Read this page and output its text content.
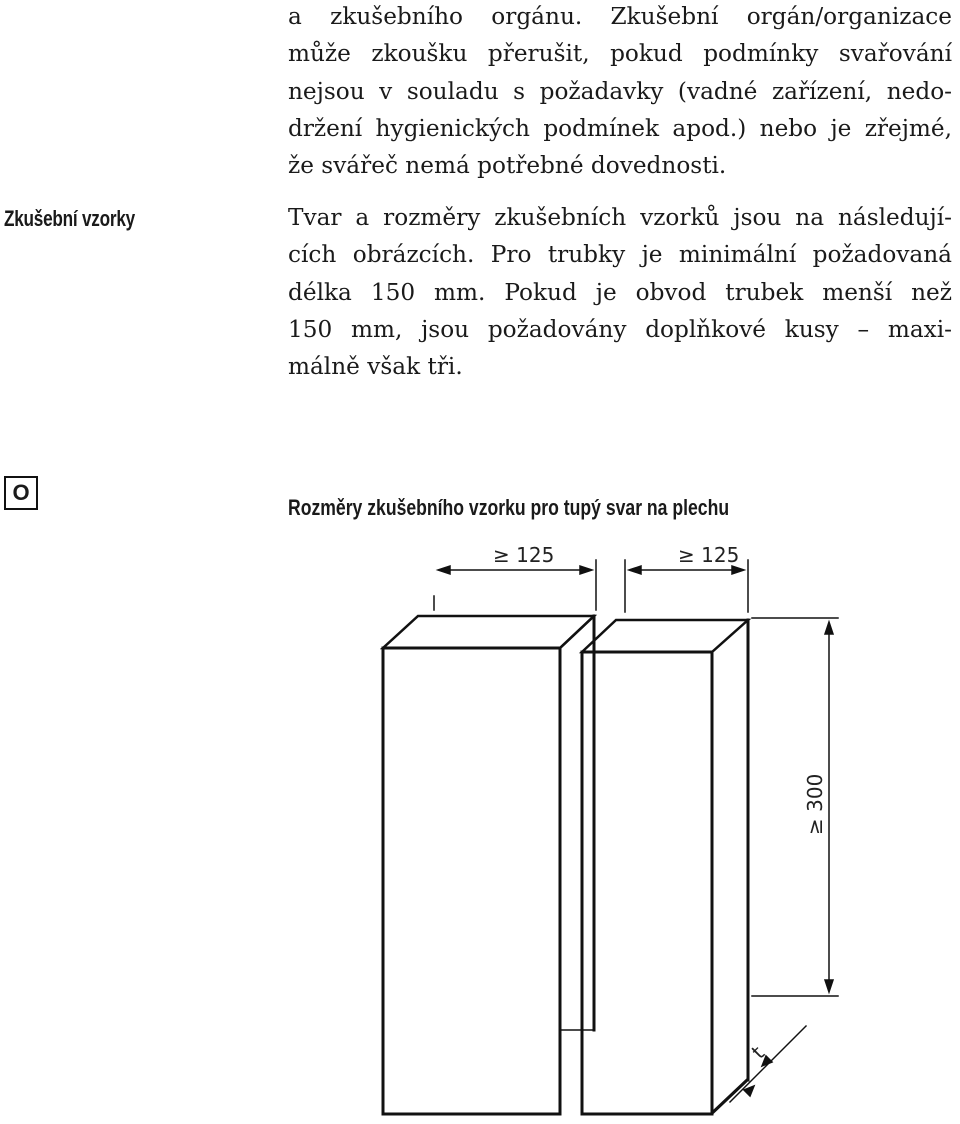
a zkušebního orgánu. Zkušební orgán/organizace
může zkoušku přerušit, pokud podmínky svařování
nejsou v souladu s požadavky (vadné zařízení, nedo-
držení hygienických podmínek apod.) nebo je zřejmé,
že svářeč nemá potřebné dovednosti.
Zkušební vzorky	Tvar a rozměry zkušebních vzorků jsou na následují-
cích obrázcích. Pro trubky je minimální požadovaná
délka 150 mm. Pokud je obvod trubek menší než
150 mm, jsou požadovány doplňkové kusy – maxi-
málně však tři.
O
Rozměry zkušebního vzorku pro tupý svar na plechu
≥ 125	≥ 125
≥ 300
t
